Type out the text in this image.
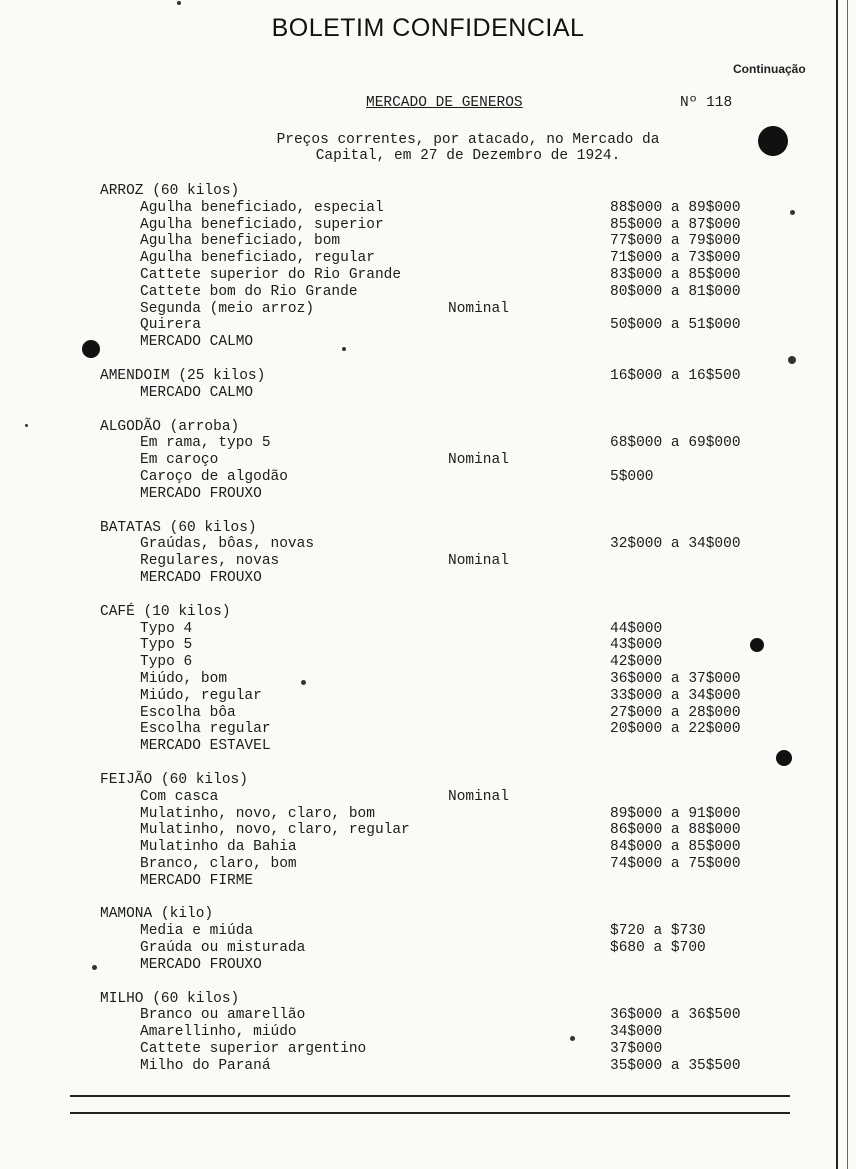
BOLETIM CONFIDENCIAL
Continuação
MERCADO DE GENEROS	Nº 118
Preços correntes, por atacado, no Mercado da
Capital, em 27 de Dezembro de 1924.
ARROZ (60 kilos)
Agulha beneficiado, especial	88$000 a 89$000
Agulha beneficiado, superior	85$000 a 87$000
Agulha beneficiado, bom	77$000 a 79$000
Agulha beneficiado, regular	71$000 a 73$000
Cattete superior do Rio Grande	83$000 a 85$000
Cattete bom do Rio Grande	80$000 a 81$000
Segunda (meio arroz)	Nominal
Quirera	50$000 a 51$000
MERCADO CALMO
AMENDOIM (25 kilos)	16$000 a 16$500
MERCADO CALMO
ALGODÃO (arroba)
Em rama, typo 5	68$000 a 69$000
Em caroço	Nominal
Caroço de algodão	5$000
MERCADO FROUXO
BATATAS (60 kilos)
Graúdas, bôas, novas	32$000 a 34$000
Regulares, novas	Nominal
MERCADO FROUXO
CAFÉ (10 kilos)
Typo 4	44$000
Typo 5	43$000
Typo 6	42$000
Miúdo, bom	36$000 a 37$000
Miúdo, regular	33$000 a 34$000
Escolha bôa	27$000 a 28$000
Escolha regular	20$000 a 22$000
MERCADO ESTAVEL
FEIJÃO (60 kilos)
Com casca	Nominal
Mulatinho, novo, claro, bom	89$000 a 91$000
Mulatinho, novo, claro, regular	86$000 a 88$000
Mulatinho da Bahia	84$000 a 85$000
Branco, claro, bom	74$000 a 75$000
MERCADO FIRME
MAMONA (kilo)
Media e miúda	$720 a $730
Graúda ou misturada	$680 a $700
MERCADO FROUXO
MILHO (60 kilos)
Branco ou amarellão	36$000 a 36$500
Amarellinho, miúdo	34$000
Cattete superior argentino	37$000
Milho do Paraná	35$000 a 35$500
